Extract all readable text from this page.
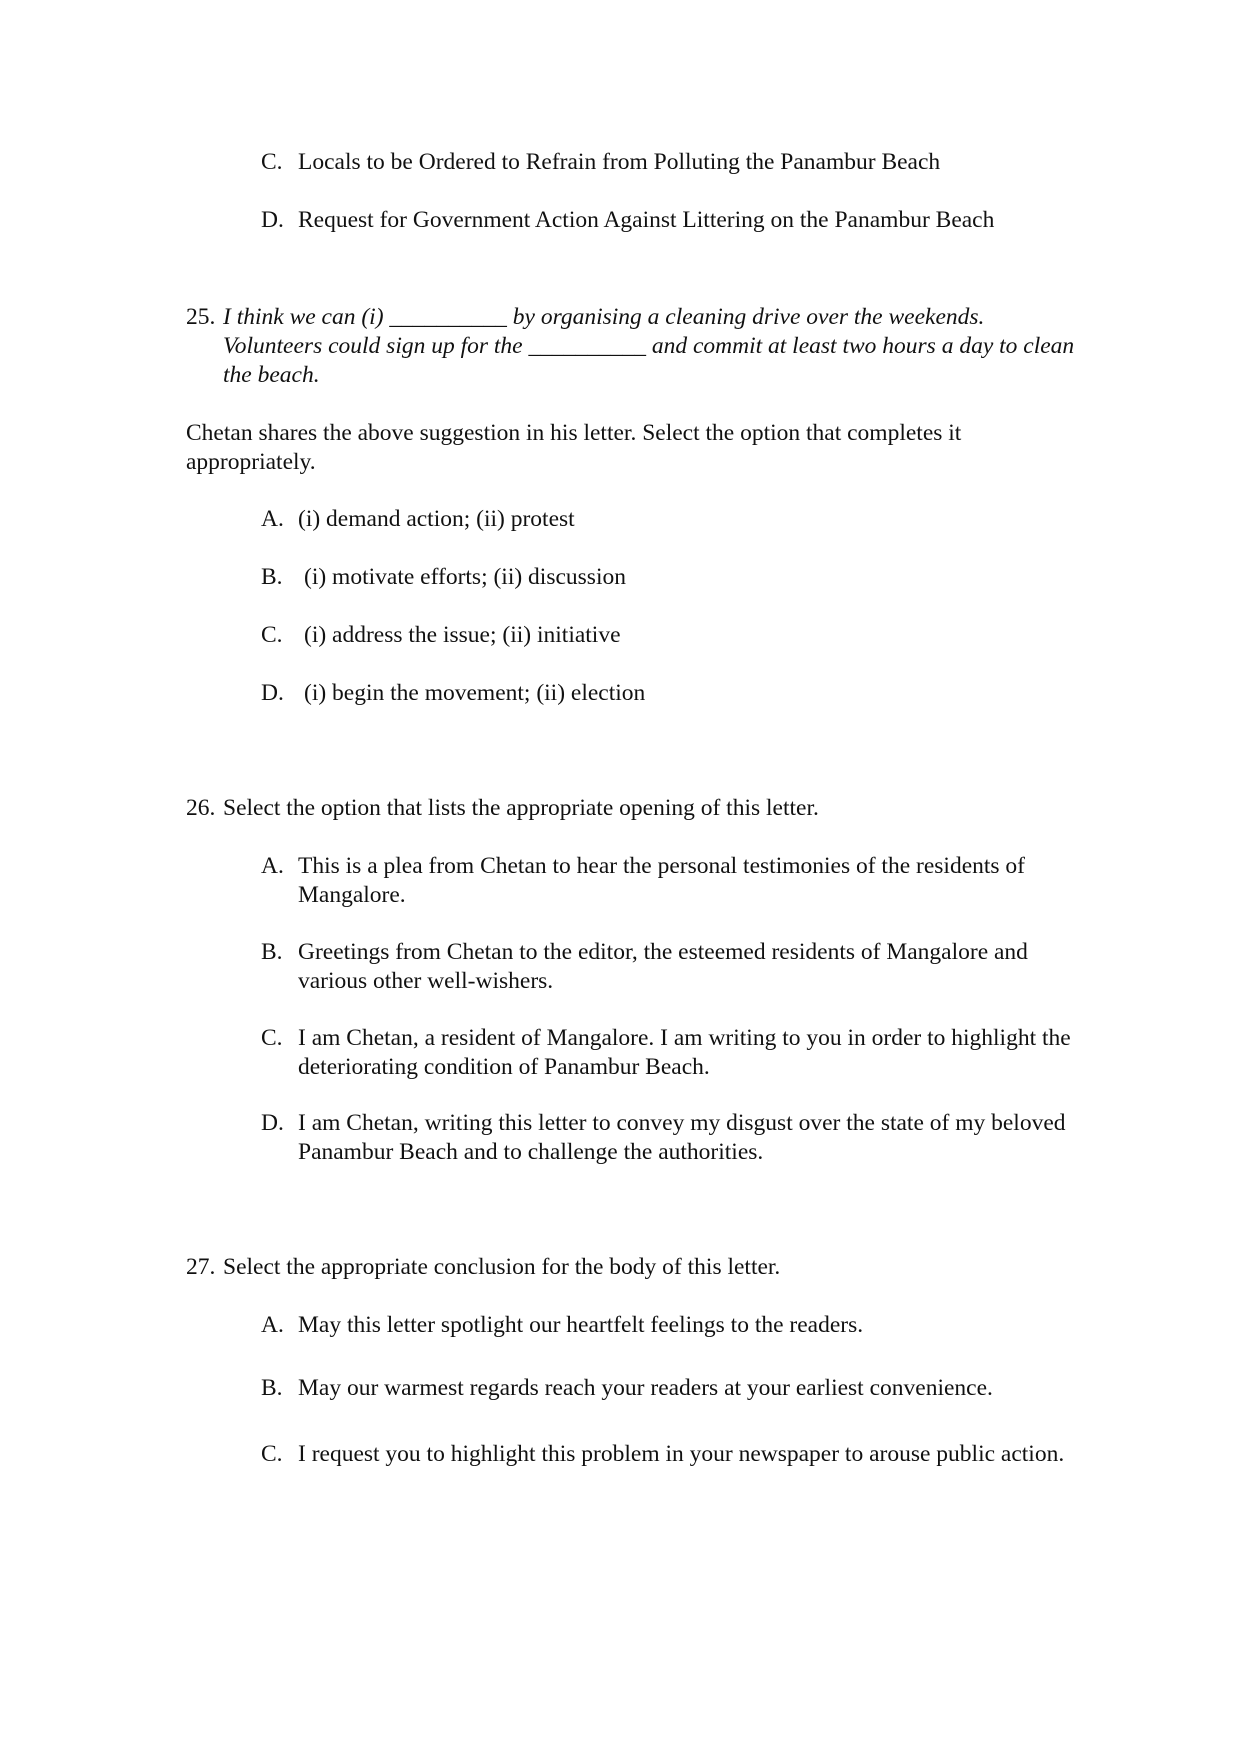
C. Locals to be Ordered to Refrain from Polluting the Panambur Beach
D. Request for Government Action Against Littering on the Panambur Beach
25. I think we can (i) __________ by organising a cleaning drive over the weekends. Volunteers could sign up for the __________ and commit at least two hours a day to clean the beach.
Chetan shares the above suggestion in his letter. Select the option that completes it appropriately.
A. (i) demand action; (ii) protest
B. (i) motivate efforts; (ii) discussion
C. (i) address the issue; (ii) initiative
D. (i) begin the movement; (ii) election
26. Select the option that lists the appropriate opening of this letter.
A. This is a plea from Chetan to hear the personal testimonies of the residents of Mangalore.
B. Greetings from Chetan to the editor, the esteemed residents of Mangalore and various other well-wishers.
C. I am Chetan, a resident of Mangalore. I am writing to you in order to highlight the deteriorating condition of Panambur Beach.
D. I am Chetan, writing this letter to convey my disgust over the state of my beloved Panambur Beach and to challenge the authorities.
27. Select the appropriate conclusion for the body of this letter.
A. May this letter spotlight our heartfelt feelings to the readers.
B. May our warmest regards reach your readers at your earliest convenience.
C. I request you to highlight this problem in your newspaper to arouse public action.
